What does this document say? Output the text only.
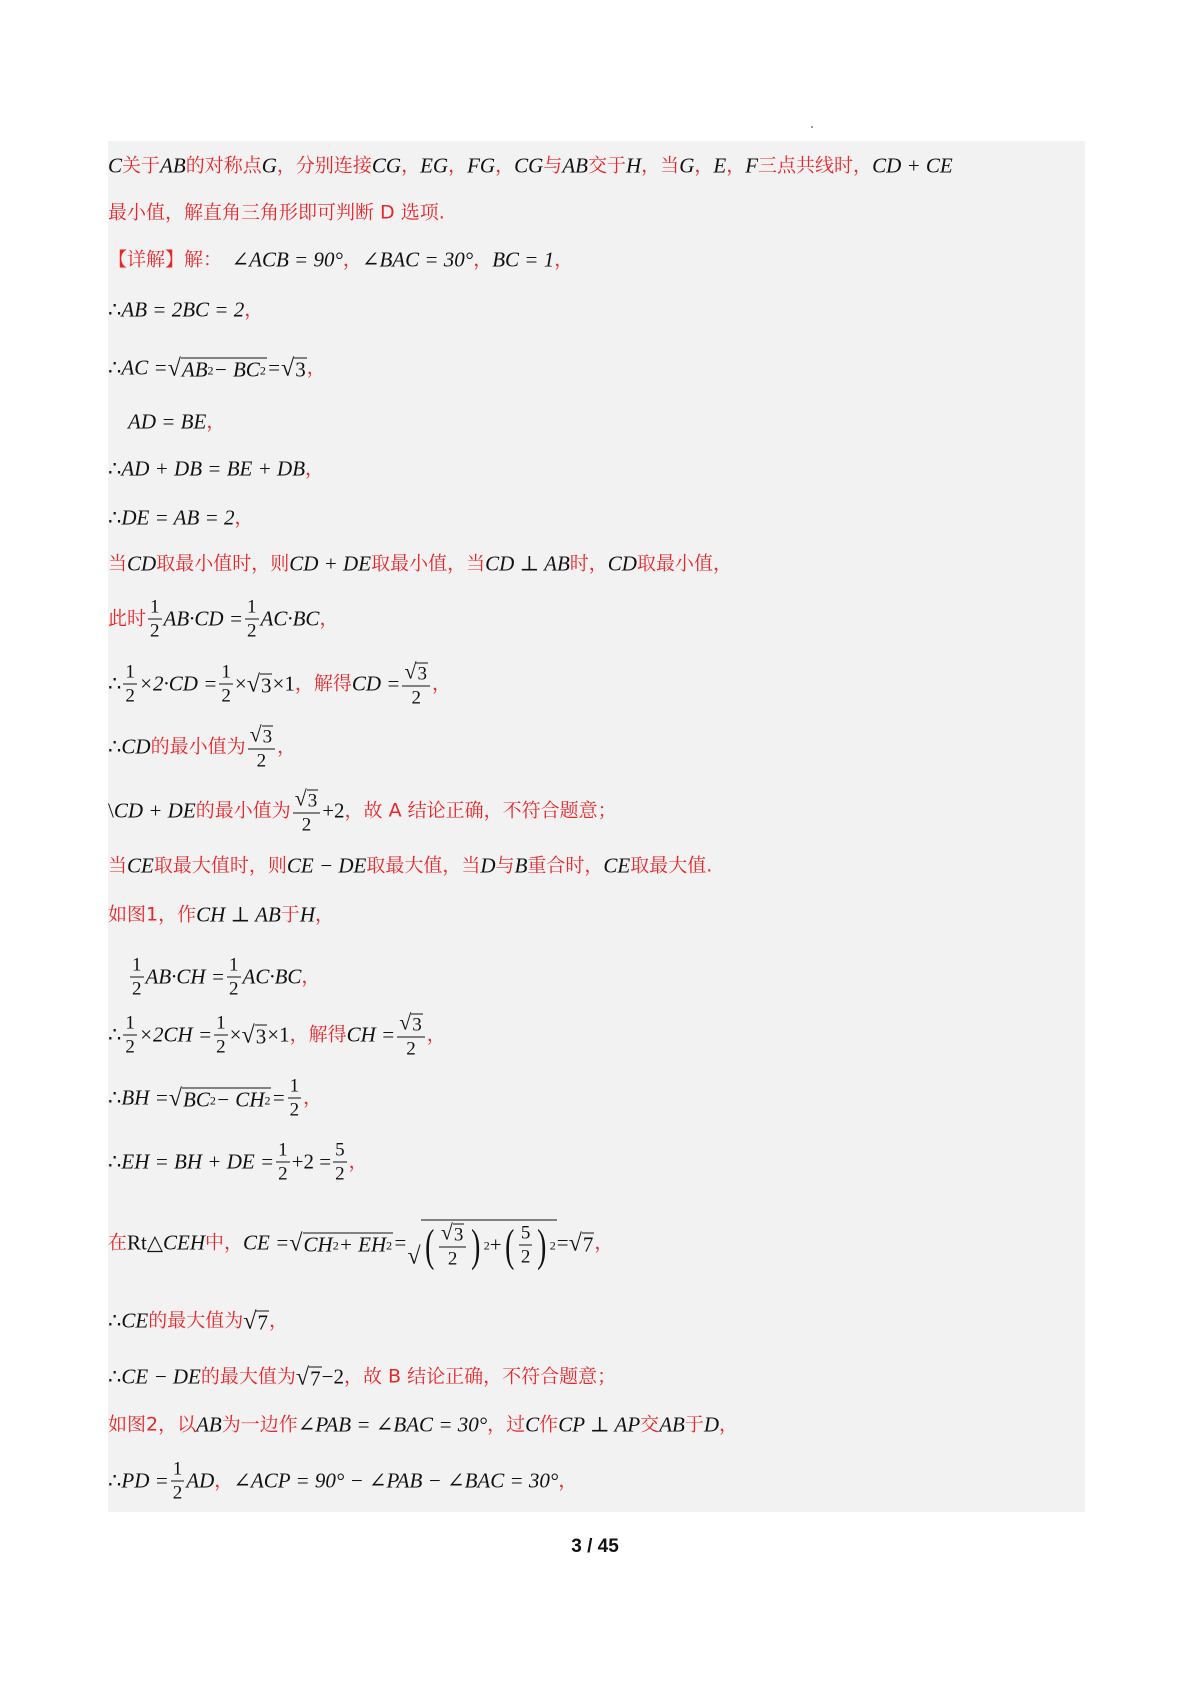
C 关于 AB 的对称点 G ，分别连接 CG ， EG ， FG ， CG 与 AB 交于 H ，当 G ， E ， F 三点共线时， CD + CE
最小值，解直角三角形即可判断 D 选项.
【详解】解：　 ∠ACB = 90° ， ∠BAC = 30° ， BC = 1 ，
∴ AB = 2BC = 2 ，
∴ AC = √ AB 2 − BC 2 = √ 3 ，
AD = BE ，
∴ AD + DB = BE + DB ，
∴ DE = AB = 2 ，
当 CD 取最小值时，则 CD + DE 取最小值，当 CD ⊥ AB 时， CD 取最小值，
此时 $\frac{1}{2} AB\cdot CD = \frac{1}{2} AC\cdot BC$ ，
∴ $\frac{1}{2} \times 2\cdot CD = \frac{1}{2}$ × √ 3 ×1 ，解得 CD = $\frac{√ 3}{2}$ ，
∴ CD 的最小值为 $\frac{√ 3}{2}$ ，
\ CD + DE 的最小值为 $\frac{√ 3}{2} +2$ ，故 A 结论正确，不符合题意；
当 CE 取最大值时，则 CE − DE 取最大值，当 D 与 B 重合时， CE 取最大值.
如图1，作 CH ⊥ AB 于 H ，
$\frac{1}{2} AB\cdot CH = \frac{1}{2} AC\cdot BC$ ，
∴ $\frac{1}{2} \times 2CH = \frac{1}{2}$ × √ 3 ×1 ，解得 CH = $\frac{√ 3}{2}$ ，
∴ BH = √ BC 2 − CH $2 = \frac{1}{2}$ ，
∴ EH = BH + DE = $\frac{1}{2} +2 = \frac{5}{2}$ ，
在 Rt△ CEH 中， CE = √ CH 2 + EH 2 = √ ( $\frac{√ 3}{2}$ ) 2 + ( $\frac{5}{2}$ ) 2 = √ 7 ，
∴ CE 的最大值为 √ 7 ，
∴ CE − DE 的最大值为 √ 7 −2 ，故 B 结论正确，不符合题意；
如图2，以 AB 为一边作 ∠PAB = ∠BAC = 30° ，过 C 作 CP ⊥ AP 交 AB 于 D ，
∴ PD = $\frac{1}{2}$ AD ， ∠ACP = 90° − ∠PAB − ∠BAC = 30° ，
3 / 45
